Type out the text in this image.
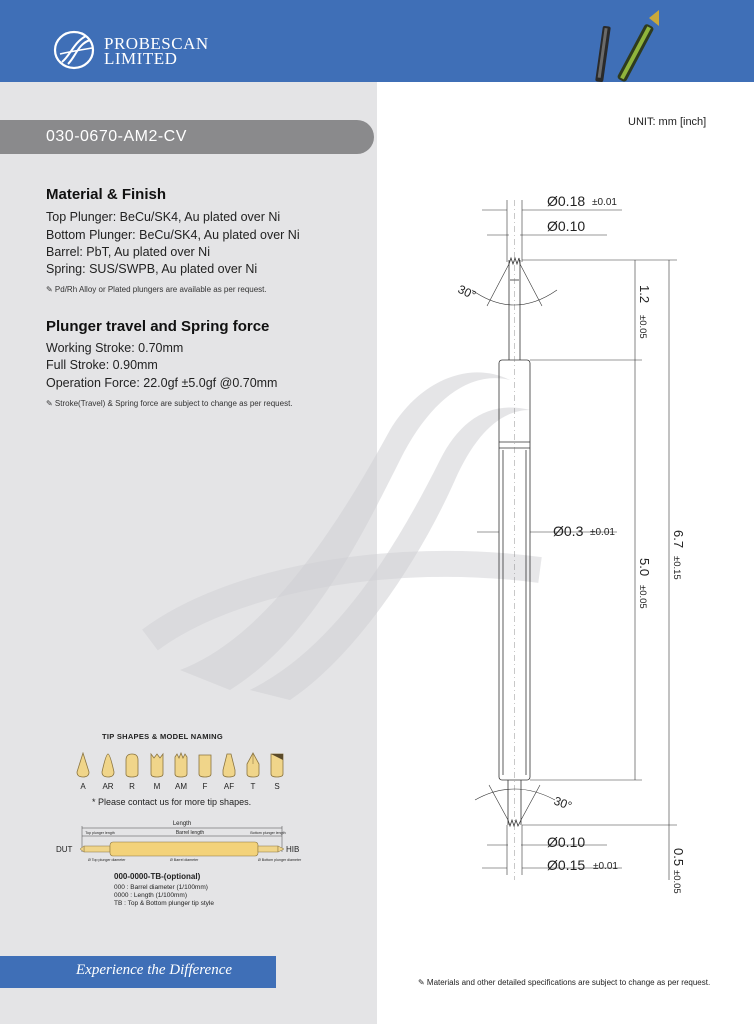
PROBESCAN
LIMITED
030-0670-AM2-CV
UNIT: mm [inch]
Material & Finish
Top Plunger: BeCu/SK4, Au plated over Ni
Bottom Plunger: BeCu/SK4, Au plated over Ni
Barrel: PbT, Au plated over Ni
Spring: SUS/SWPB, Au plated over Ni
✎ Pd/Rh Alloy or Plated plungers are available as per request.
Plunger travel and Spring force
Working Stroke: 0.70mm
Full Stroke: 0.90mm
Operation Force: 22.0gf ±5.0gf @0.70mm
✎ Stroke(Travel) & Spring force are subject to change as per request.
TIP SHAPES & MODEL NAMING
A	AR	R	M	AM	F	AF	T	S
* Please contact us for more tip shapes.
Length
Top plunger length	Barrel length	Bottom plunger length
DUT	HIB
Ø Top plunger diameter	Ø Barrel diameter	Ø Bottom plunger diameter
000-0000-TB-(optional)
000 : Barrel diameter (1/100mm)
0000 : Length (1/100mm)
TB : Top & Bottom plunger tip style
Experience the Difference
✎ Materials and other detailed specifications are subject to change as per request.
Ø0.18 ±0.01
Ø0.10
30°	1.2
±0.05
Ø0.3 ±0.01
5.0
±0.05
6.7
±0.15
30°
Ø0.10
Ø0.15 ±0.01
0.5
±0.05
